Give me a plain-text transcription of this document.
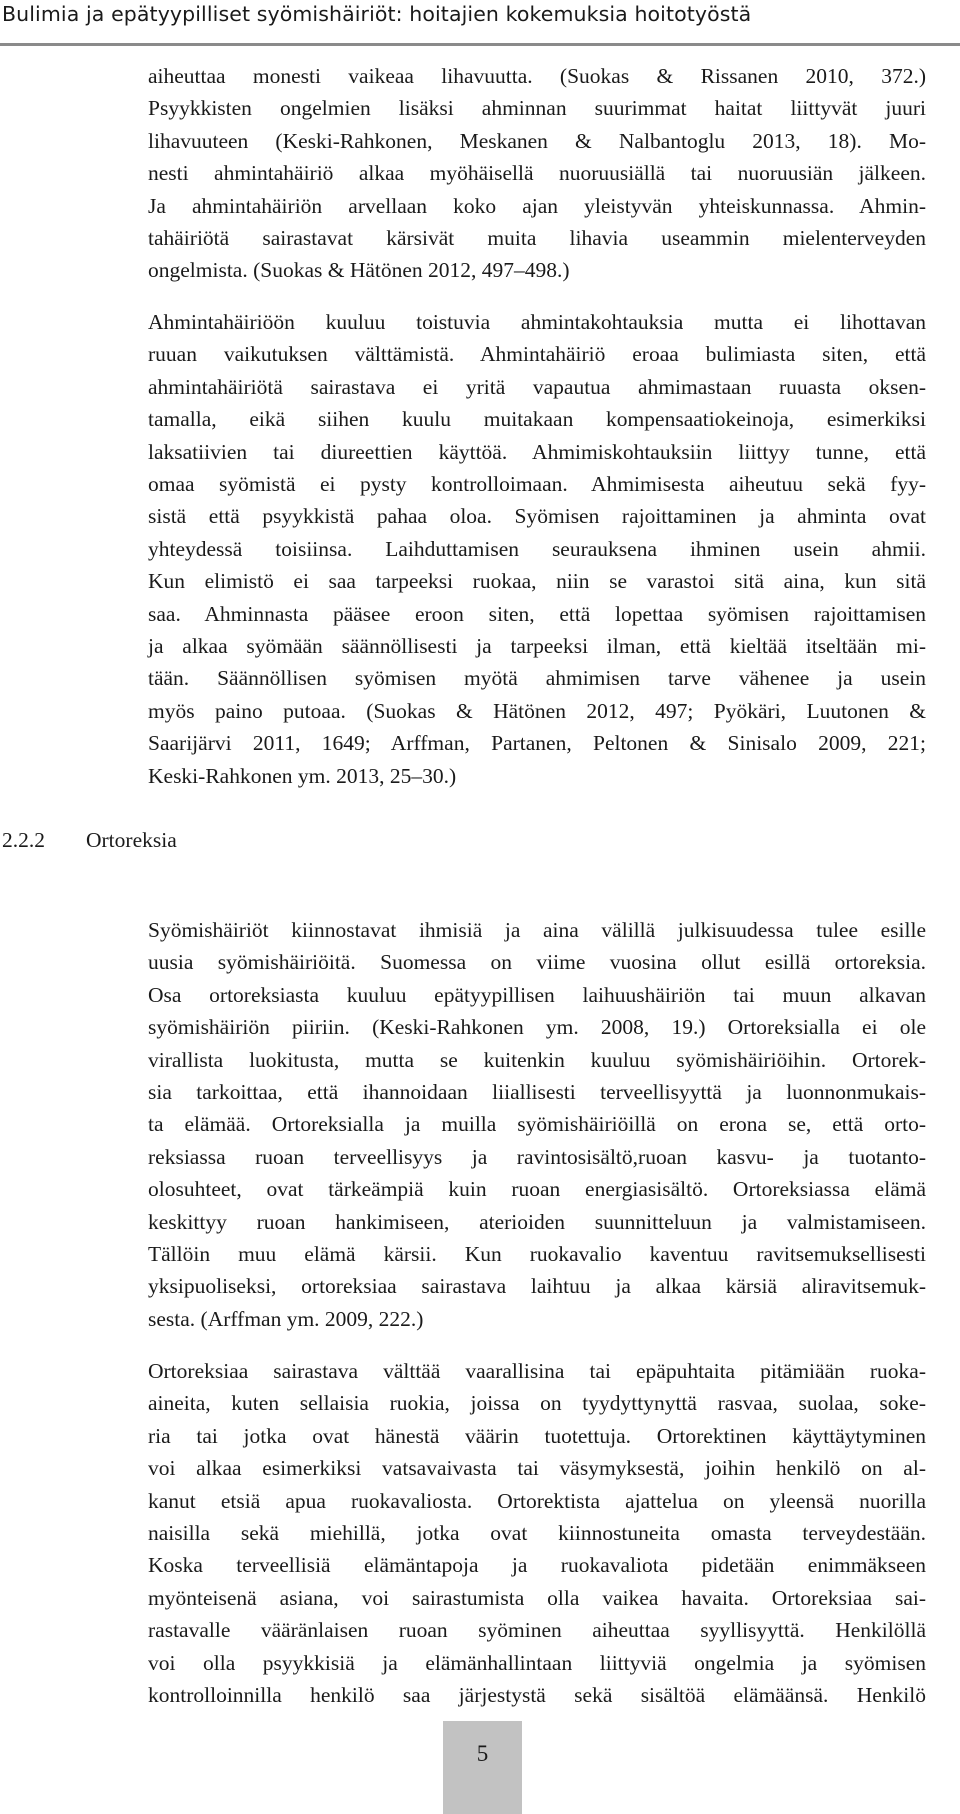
Bulimia ja epätyypilliset syömishäiriöt: hoitajien kokemuksia hoitotyöstä
aiheuttaa monesti vaikeaa lihavuutta. (Suokas & Rissanen 2010, 372.)
Psyykkisten ongelmien lisäksi ahminnan suurimmat haitat liittyvät juuri
lihavuuteen (Keski-Rahkonen, Meskanen & Nalbantoglu 2013, 18). Mo-
nesti ahmintahäiriö alkaa myöhäisellä nuoruusiällä tai nuoruusiän jälkeen.
Ja ahmintahäiriön arvellaan koko ajan yleistyvän yhteiskunnassa. Ahmin-
tahäiriötä sairastavat kärsivät muita lihavia useammin mielenterveyden
ongelmista. (Suokas & Hätönen 2012, 497–498.)
Ahmintahäiriöön kuuluu toistuvia ahmintakohtauksia mutta ei lihottavan
ruuan vaikutuksen välttämistä. Ahmintahäiriö eroaa bulimiasta siten, että
ahmintahäiriötä sairastava ei yritä vapautua ahmimastaan ruuasta oksen-
tamalla, eikä siihen kuulu muitakaan kompensaatiokeinoja, esimerkiksi
laksatiivien tai diureettien käyttöä. Ahmimiskohtauksiin liittyy tunne, että
omaa syömistä ei pysty kontrolloimaan. Ahmimisesta aiheutuu sekä fyy-
sistä että psyykkistä pahaa oloa. Syömisen rajoittaminen ja ahminta ovat
yhteydessä toisiinsa. Laihduttamisen seurauksena ihminen usein ahmii.
Kun elimistö ei saa tarpeeksi ruokaa, niin se varastoi sitä aina, kun sitä
saa. Ahminnasta pääsee eroon siten, että lopettaa syömisen rajoittamisen
ja alkaa syömään säännöllisesti ja tarpeeksi ilman, että kieltää itseltään mi-
tään. Säännöllisen syömisen myötä ahmimisen tarve vähenee ja usein
myös paino putoaa. (Suokas & Hätönen 2012, 497; Pyökäri, Luutonen &
Saarijärvi 2011, 1649; Arffman, Partanen, Peltonen & Sinisalo 2009, 221;
Keski-Rahkonen ym. 2013, 25–30.)
2.2.2 Ortoreksia
Syömishäiriöt kiinnostavat ihmisiä ja aina välillä julkisuudessa tulee esille
uusia syömishäiriöitä. Suomessa on viime vuosina ollut esillä ortoreksia.
Osa ortoreksiasta kuuluu epätyypillisen laihuushäiriön tai muun alkavan
syömishäiriön piiriin. (Keski-Rahkonen ym. 2008, 19.) Ortoreksialla ei ole
virallista luokitusta, mutta se kuitenkin kuuluu syömishäiriöihin. Ortorek-
sia tarkoittaa, että ihannoidaan liiallisesti terveellisyyttä ja luonnonmukais-
ta elämää. Ortoreksialla ja muilla syömishäiriöillä on erona se, että orto-
reksiassa ruoan terveellisyys ja ravintosisältö,ruoan kasvu- ja tuotanto-
olosuhteet, ovat tärkeämpiä kuin ruoan energiasisältö. Ortoreksiassa elämä
keskittyy ruoan hankimiseen, aterioiden suunnitteluun ja valmistamiseen.
Tällöin muu elämä kärsii. Kun ruokavalio kaventuu ravitsemuksellisesti
yksipuoliseksi, ortoreksiaa sairastava laihtuu ja alkaa kärsiä aliravitsemuk-
sesta. (Arffman ym. 2009, 222.)
Ortoreksiaa sairastava välttää vaarallisina tai epäpuhtaita pitämiään ruoka-
aineita, kuten sellaisia ruokia, joissa on tyydyttynyttä rasvaa, suolaa, soke-
ria tai jotka ovat hänestä väärin tuotettuja. Ortorektinen käyttäytyminen
voi alkaa esimerkiksi vatsavaivasta tai väsymyksestä, joihin henkilö on al-
kanut etsiä apua ruokavaliosta. Ortorektista ajattelua on yleensä nuorilla
naisilla sekä miehillä, jotka ovat kiinnostuneita omasta terveydestään.
Koska terveellisiä elämäntapoja ja ruokavaliota pidetään enimmäkseen
myönteisenä asiana, voi sairastumista olla vaikea havaita. Ortoreksiaa sai-
rastavalle vääränlaisen ruoan syöminen aiheuttaa syyllisyyttä. Henkilöllä
voi olla psyykkisiä ja elämänhallintaan liittyviä ongelmia ja syömisen
kontrolloinnilla henkilö saa järjestystä sekä sisältöä elämäänsä. Henkilö
5
